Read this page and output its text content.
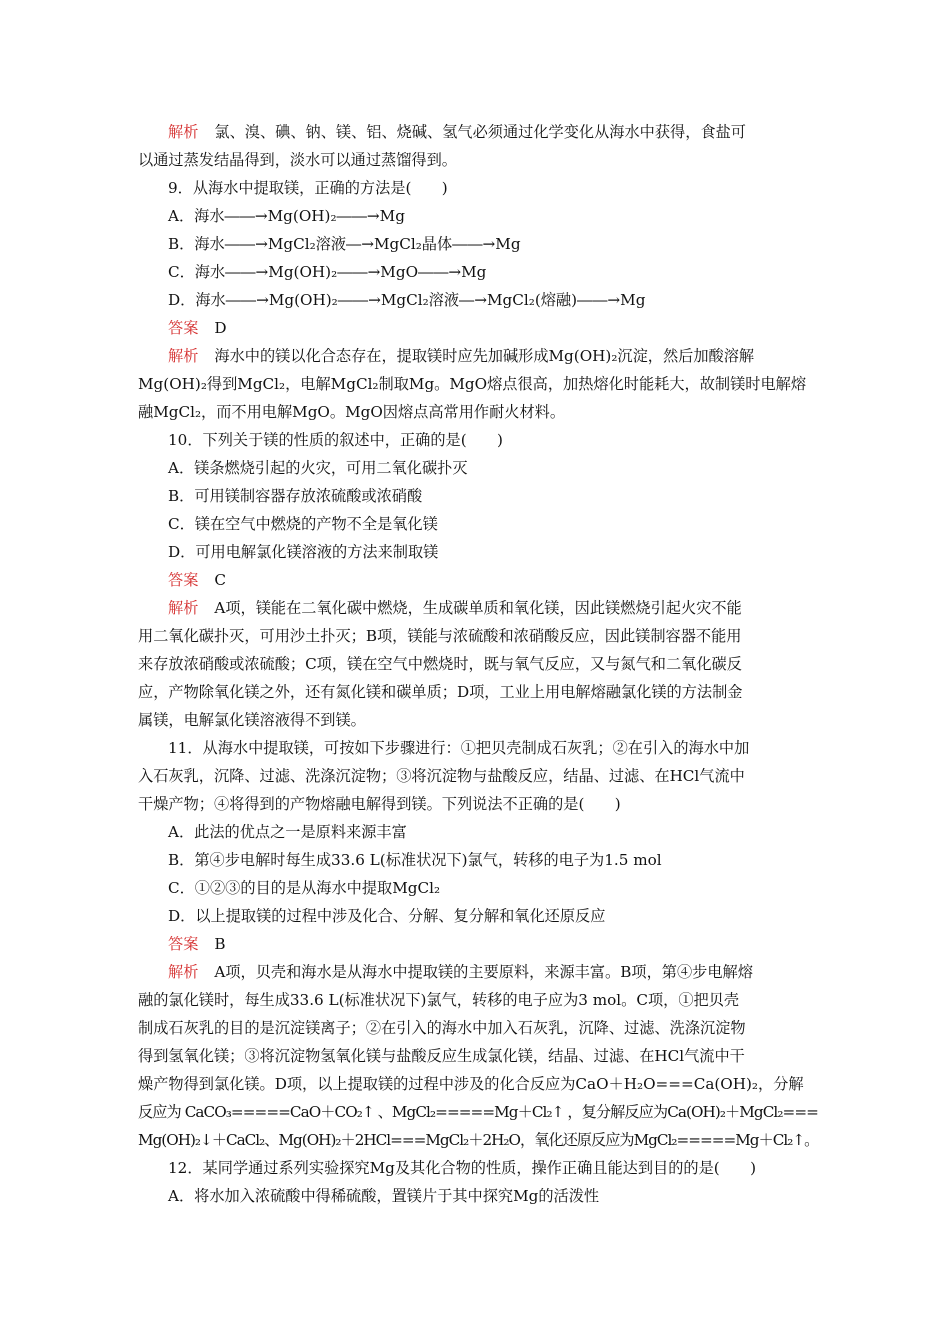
解析 氯、溴、碘、钠、镁、铝、烧碱、氢气必须通过化学变化从海水中获得，食盐可
以通过蒸发结晶得到，淡水可以通过蒸馏得到。
9．从海水中提取镁，正确的方法是(　　)
A．海水――→Mg(OH)₂――→Mg
B．海水――→MgCl₂溶液―→MgCl₂晶体――→Mg
C．海水――→Mg(OH)₂――→MgO――→Mg
D．海水――→Mg(OH)₂――→MgCl₂溶液―→MgCl₂(熔融)――→Mg
答案 D
解析 海水中的镁以化合态存在，提取镁时应先加碱形成Mg(OH)₂沉淀，然后加酸溶解
Mg(OH)₂得到MgCl₂，电解MgCl₂制取Mg。MgO熔点很高，加热熔化时能耗大，故制镁时电解熔
融MgCl₂，而不用电解MgO。MgO因熔点高常用作耐火材料。
10．下列关于镁的性质的叙述中，正确的是(　　)
A．镁条燃烧引起的火灾，可用二氧化碳扑灭
B．可用镁制容器存放浓硫酸或浓硝酸
C．镁在空气中燃烧的产物不全是氧化镁
D．可用电解氯化镁溶液的方法来制取镁
答案 C
解析 A项，镁能在二氧化碳中燃烧，生成碳单质和氧化镁，因此镁燃烧引起火灾不能
用二氧化碳扑灭，可用沙土扑灭；B项，镁能与浓硫酸和浓硝酸反应，因此镁制容器不能用
来存放浓硝酸或浓硫酸；C项，镁在空气中燃烧时，既与氧气反应，又与氮气和二氧化碳反
应，产物除氧化镁之外，还有氮化镁和碳单质；D项，工业上用电解熔融氯化镁的方法制金
属镁，电解氯化镁溶液得不到镁。
11．从海水中提取镁，可按如下步骤进行：①把贝壳制成石灰乳；②在引入的海水中加
入石灰乳，沉降、过滤、洗涤沉淀物；③将沉淀物与盐酸反应，结晶、过滤、在HCl气流中
干燥产物；④将得到的产物熔融电解得到镁。下列说法不正确的是(　　)
A．此法的优点之一是原料来源丰富
B．第④步电解时每生成33.6 L(标准状况下)氯气，转移的电子为1.5 mol
C．①②③的目的是从海水中提取MgCl₂
D．以上提取镁的过程中涉及化合、分解、复分解和氧化还原反应
答案 B
解析 A项，贝壳和海水是从海水中提取镁的主要原料，来源丰富。B项，第④步电解熔
融的氯化镁时，每生成33.6 L(标准状况下)氯气，转移的电子应为3 mol。C项，①把贝壳
制成石灰乳的目的是沉淀镁离子；②在引入的海水中加入石灰乳，沉降、过滤、洗涤沉淀物
得到氢氧化镁；③将沉淀物氢氧化镁与盐酸反应生成氯化镁，结晶、过滤、在HCl气流中干
燥产物得到氯化镁。D项，以上提取镁的过程中涉及的化合反应为CaO＋H₂O===Ca(OH)₂，分解
反应为 CaCO₃=====CaO＋CO₂↑ 、MgCl₂=====Mg＋Cl₂↑ ，复分解反应为Ca(OH)₂＋MgCl₂===
Mg(OH)₂↓＋CaCl₂、Mg(OH)₂＋2HCl===MgCl₂＋2H₂O，氧化还原反应为MgCl₂=====Mg＋Cl₂↑。
12．某同学通过系列实验探究Mg及其化合物的性质，操作正确且能达到目的的是(　　)
A．将水加入浓硫酸中得稀硫酸，置镁片于其中探究Mg的活泼性
